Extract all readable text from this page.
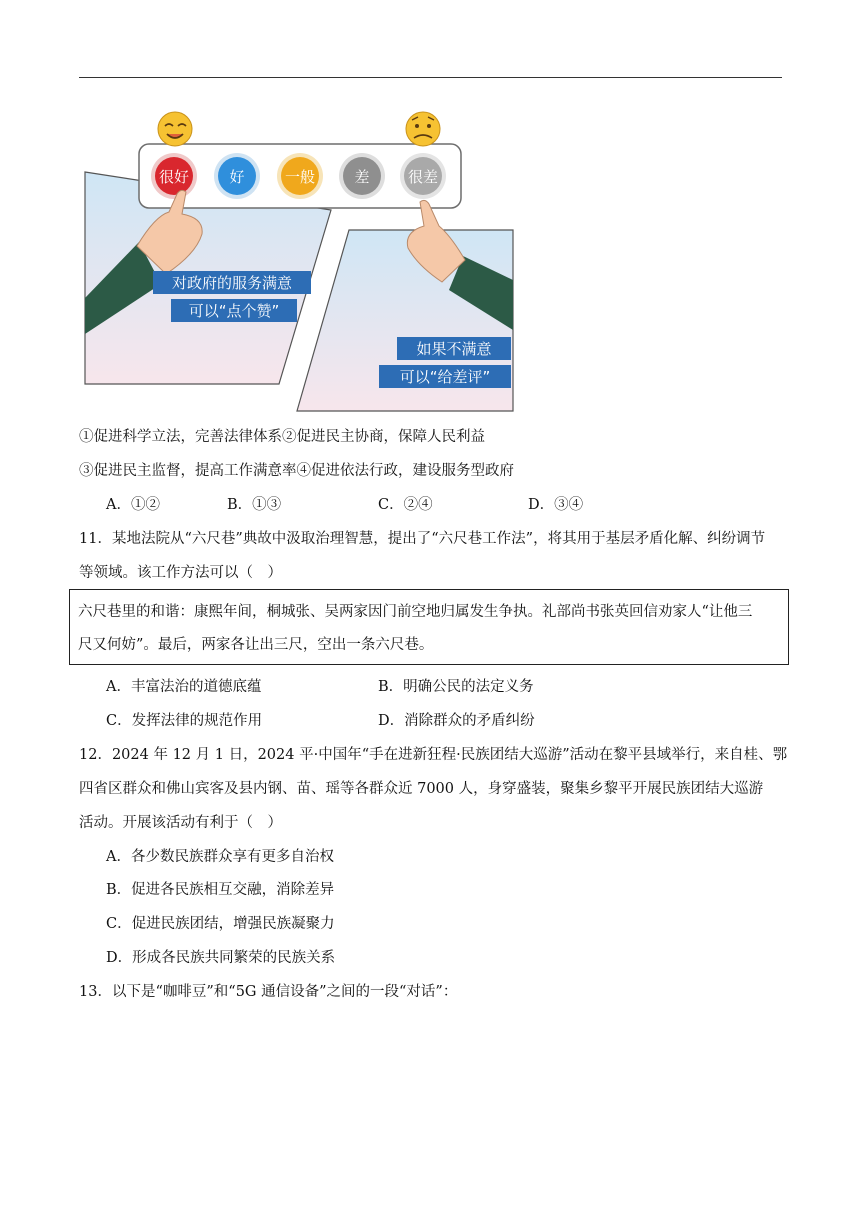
很好	好	一般	差	很差
对政府的服务满意
可以“点个赞”
如果不满意
可以“给差评”
①促进科学立法，完善法律体系②促进民主协商，保障人民利益
③促进民主监督，提高工作满意率④促进依法行政，建设服务型政府
A．①②	B．①③	C．②④	D．③④
11．某地法院从“六尺巷”典故中汲取治理智慧，提出了“六尺巷工作法”，将其用于基层矛盾化解、纠纷调节
等领域。该工作方法可以（　）
六尺巷里的和谐：康熙年间，桐城张、吴两家因门前空地归属发生争执。礼部尚书张英回信劝家人“让他三
尺又何妨”。最后，两家各让出三尺，空出一条六尺巷。
A．丰富法治的道德底蕴	B．明确公民的法定义务
C．发挥法律的规范作用	D．消除群众的矛盾纠纷
12．2024 年 12 月 1 日，2024 平·中国年“手在进新狂程·民族团结大巡游”活动在黎平县域举行，来自桂、鄂
四省区群众和佛山宾客及县内钢、苗、瑶等各群众近 7000 人，身穿盛装，聚集乡黎平开展民族团结大巡游
活动。开展该活动有利于（　）
A．各少数民族群众享有更多自治权
B．促进各民族相互交融，消除差异
C．促进民族团结，增强民族凝聚力
D．形成各民族共同繁荣的民族关系
13．以下是“咖啡豆”和“5G 通信设备”之间的一段“对话”：
